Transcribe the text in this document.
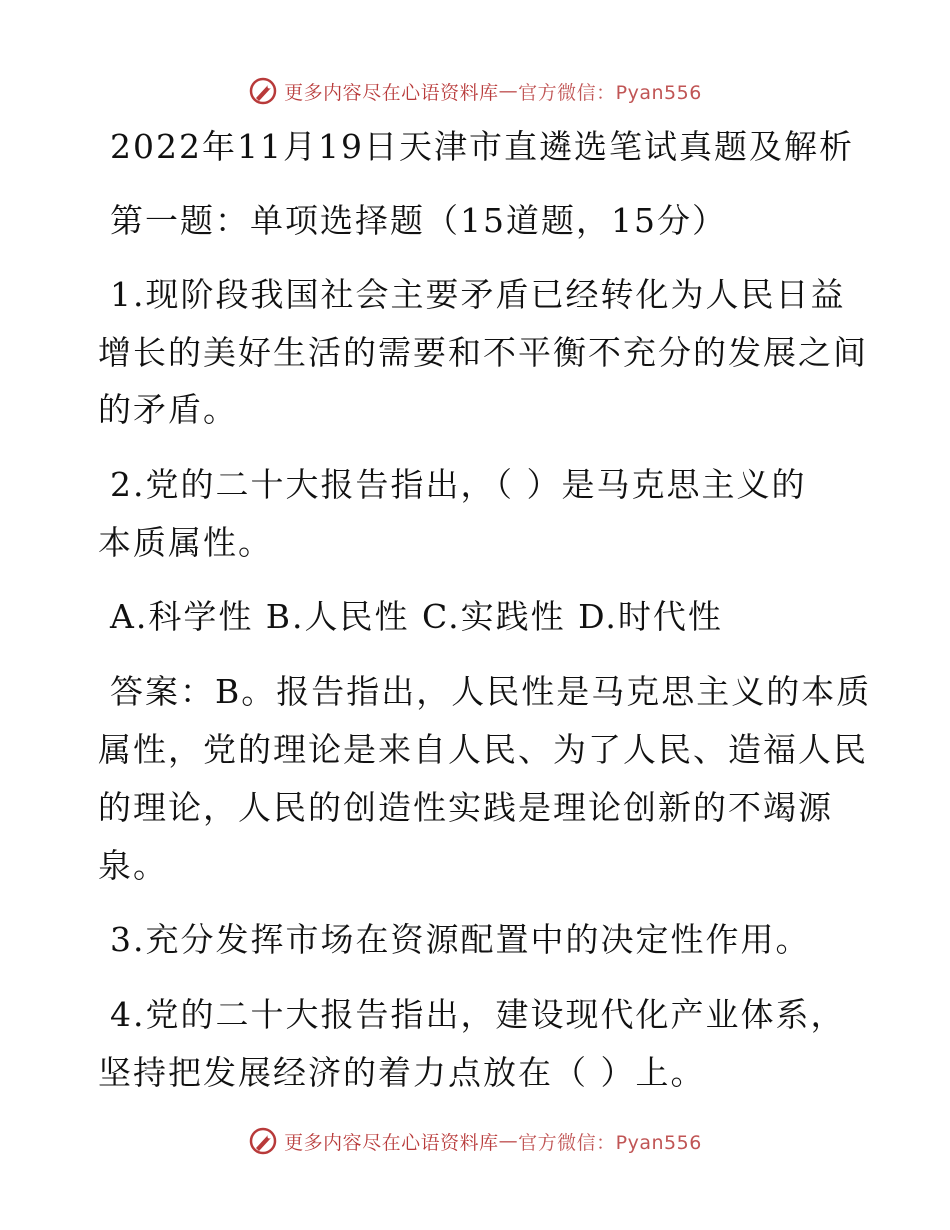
更多内容尽在心语资料库 — 官方微信：Pyan556
2022年11月19日天津市直遴选笔试真题及解析
第一题：单项选择题（15道题，15分）
1.现阶段我国社会主要矛盾已经转化为人民日益
增长的美好生活的需要和不平衡不充分的发展之间
的矛盾。
2.党的二十大报告指出，（ ）是马克思主义的
本质属性。
A.科学性 B.人民性 C.实践性 D.时代性
答案：B。报告指出，人民性是马克思主义的本质
属性，党的理论是来自人民、为了人民、造福人民
的理论，人民的创造性实践是理论创新的不竭源
泉。
3.充分发挥市场在资源配置中的决定性作用。
4.党的二十大报告指出，建设现代化产业体系，
坚持把发展经济的着力点放在（ ）上。
更多内容尽在心语资料库 — 官方微信：Pyan556
